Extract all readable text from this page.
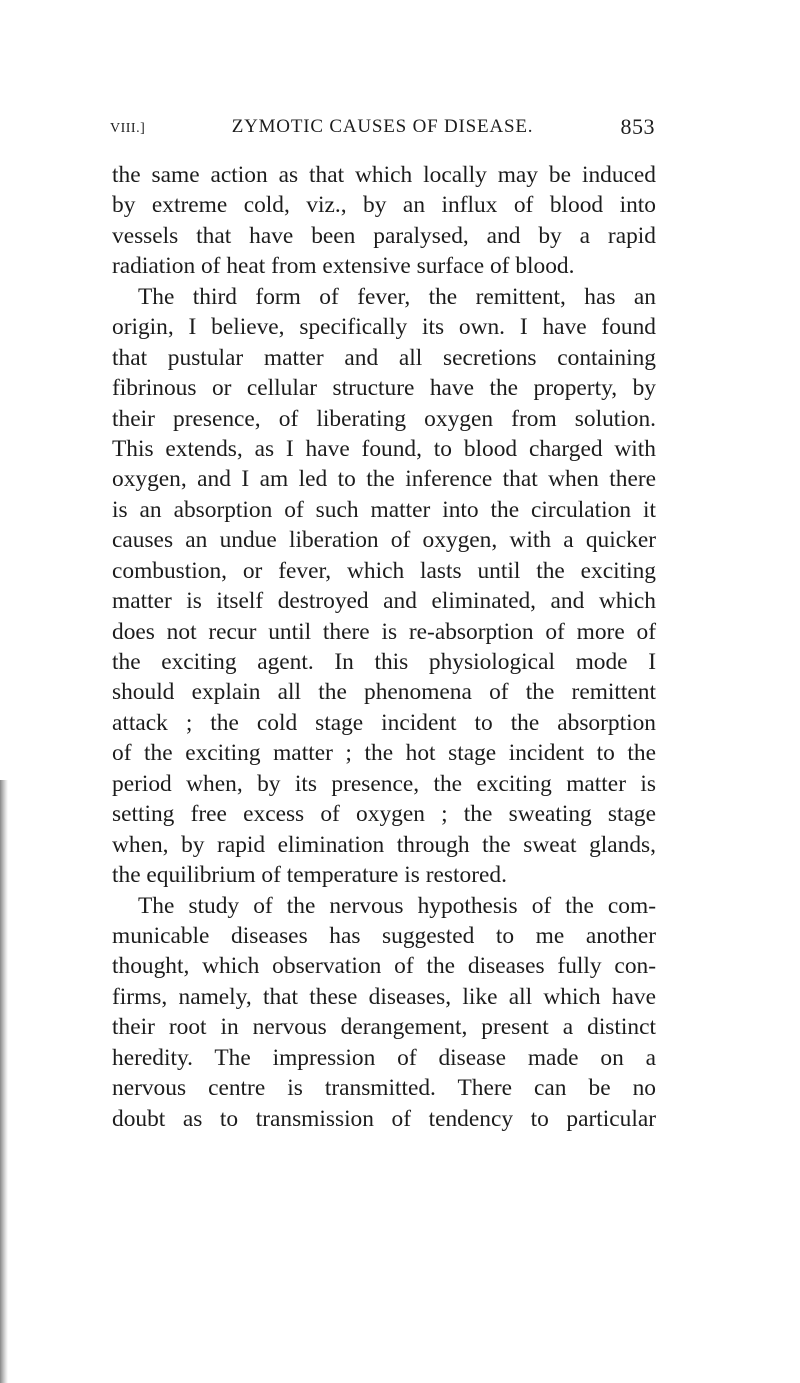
VIII.]	ZYMOTIC CAUSES OF DISEASE.	853
the same action as that which locally may be induced
by extreme cold, viz., by an influx of blood into
vessels that have been paralysed, and by a rapid
radiation of heat from extensive surface of blood.
The third form of fever, the remittent, has an
origin, I believe, specifically its own. I have found
that pustular matter and all secretions containing
fibrinous or cellular structure have the property, by
their presence, of liberating oxygen from solution.
This extends, as I have found, to blood charged with
oxygen, and I am led to the inference that when there
is an absorption of such matter into the circulation it
causes an undue liberation of oxygen, with a quicker
combustion, or fever, which lasts until the exciting
matter is itself destroyed and eliminated, and which
does not recur until there is re-absorption of more of
the exciting agent. In this physiological mode I
should explain all the phenomena of the remittent
attack ; the cold stage incident to the absorption
of the exciting matter ; the hot stage incident to the
period when, by its presence, the exciting matter is
setting free excess of oxygen ; the sweating stage
when, by rapid elimination through the sweat glands,
the equilibrium of temperature is restored.
The study of the nervous hypothesis of the com-
municable diseases has suggested to me another
thought, which observation of the diseases fully con-
firms, namely, that these diseases, like all which have
their root in nervous derangement, present a distinct
heredity. The impression of disease made on a
nervous centre is transmitted. There can be no
doubt as to transmission of tendency to particular
